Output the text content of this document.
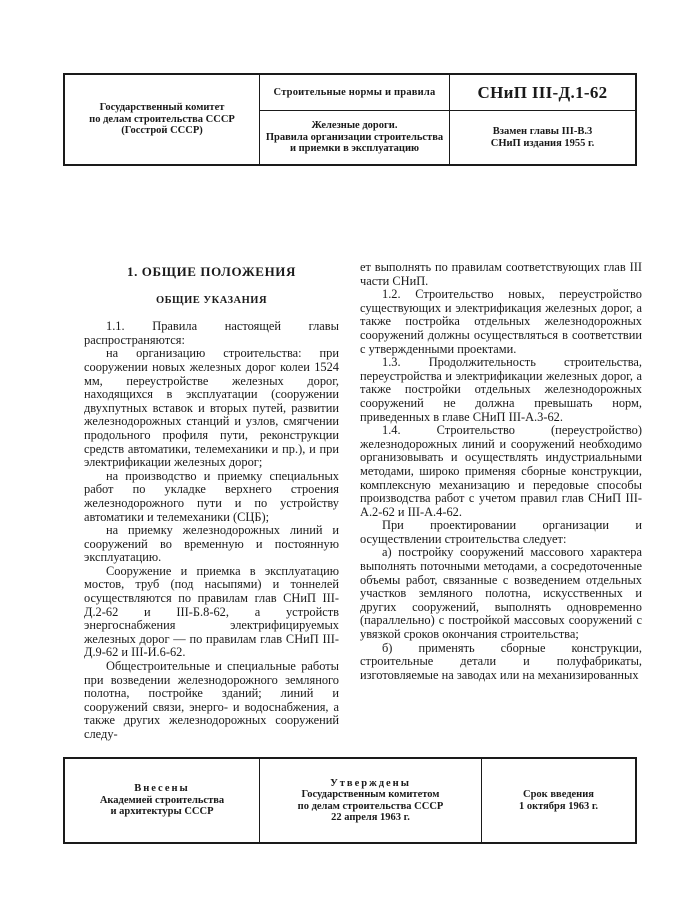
Государственный комитет
по делам строительства СССР
(Госстрой СССР)
Строительные нормы и правила
Железные дороги.
Правила организации строительства
и приемки в эксплуатацию
СНиП III-Д.1-62
Взамен главы III-В.3
СНиП издания 1955 г.
1. ОБЩИЕ ПОЛОЖЕНИЯ
ОБЩИЕ УКАЗАНИЯ

1.1. Правила настоящей главы распространяются:

на организацию строительства: при сооружении новых железных дорог колеи 1524 мм, переустройстве железных дорог, находящихся в эксплуатации (сооружении двухпутных вставок и вторых путей, развитии железнодорожных станций и узлов, смягчении продольного профиля пути, реконструкции средств автоматики, телемеханики и пр.), и при электрификации железных дорог;

на производство и приемку специальных работ по укладке верхнего строения железнодорожного пути и по устройству автоматики и телемеханики (СЦБ);

на приемку железнодорожных линий и сооружений во временную и постоянную эксплуатацию.

Сооружение и приемка в эксплуатацию мостов, труб (под насыпями) и тоннелей осуществляются по правилам глав СНиП III-Д.2-62 и III-Б.8-62, а устройств энергоснабжения электрифицируемых железных дорог — по правилам глав СНиП III-Д.9-62 и III-И.6-62.

Общестроительные и специальные работы при возведении железнодорожного земляного полотна, постройке зданий; линий и сооружений связи, энерго- и водоснабжения, а также других железнодорожных сооружений следу-

ет выполнять по правилам соответствующих глав III части СНиП.

1.2. Строительство новых, переустройство существующих и электрификация железных дорог, а также постройка отдельных железнодорожных сооружений должны осуществляться в соответствии с утвержденными проектами.

1.3. Продолжительность строительства, переустройства и электрификации железных дорог, а также постройки отдельных железнодорожных сооружений не должна превышать норм, приведенных в главе СНиП III-А.3-62.

1.4.	Строительство (переустройство) железнодорожных линий и сооружений необходимо организовывать и осуществлять индустриальными методами, широко применяя сборные конструкции, комплексную механизацию и передовые способы производства работ с учетом правил глав СНиП III-А.2-62 и III-А.4-62.

При проектировании организации и осуществлении строительства следует:

а) постройку сооружений массового характера выполнять поточными методами, а сосредоточенные объемы работ, связанные с возведением отдельных участков земляного полотна, искусственных и других сооружений, выполнять одновременно (параллельно) с постройкой массовых сооружений с увязкой сроков окончания строительства;

б) применять сборные конструкции, строительные детали и полуфабрикаты, изготовляемые на заводах или на механизированных

Внесены
Академией строительства
и архитектуры СССР
Утверждены
Государственным комитетом
по делам строительства СССР
22 апреля 1963 г.
Срок введения
1 октября 1963 г.
